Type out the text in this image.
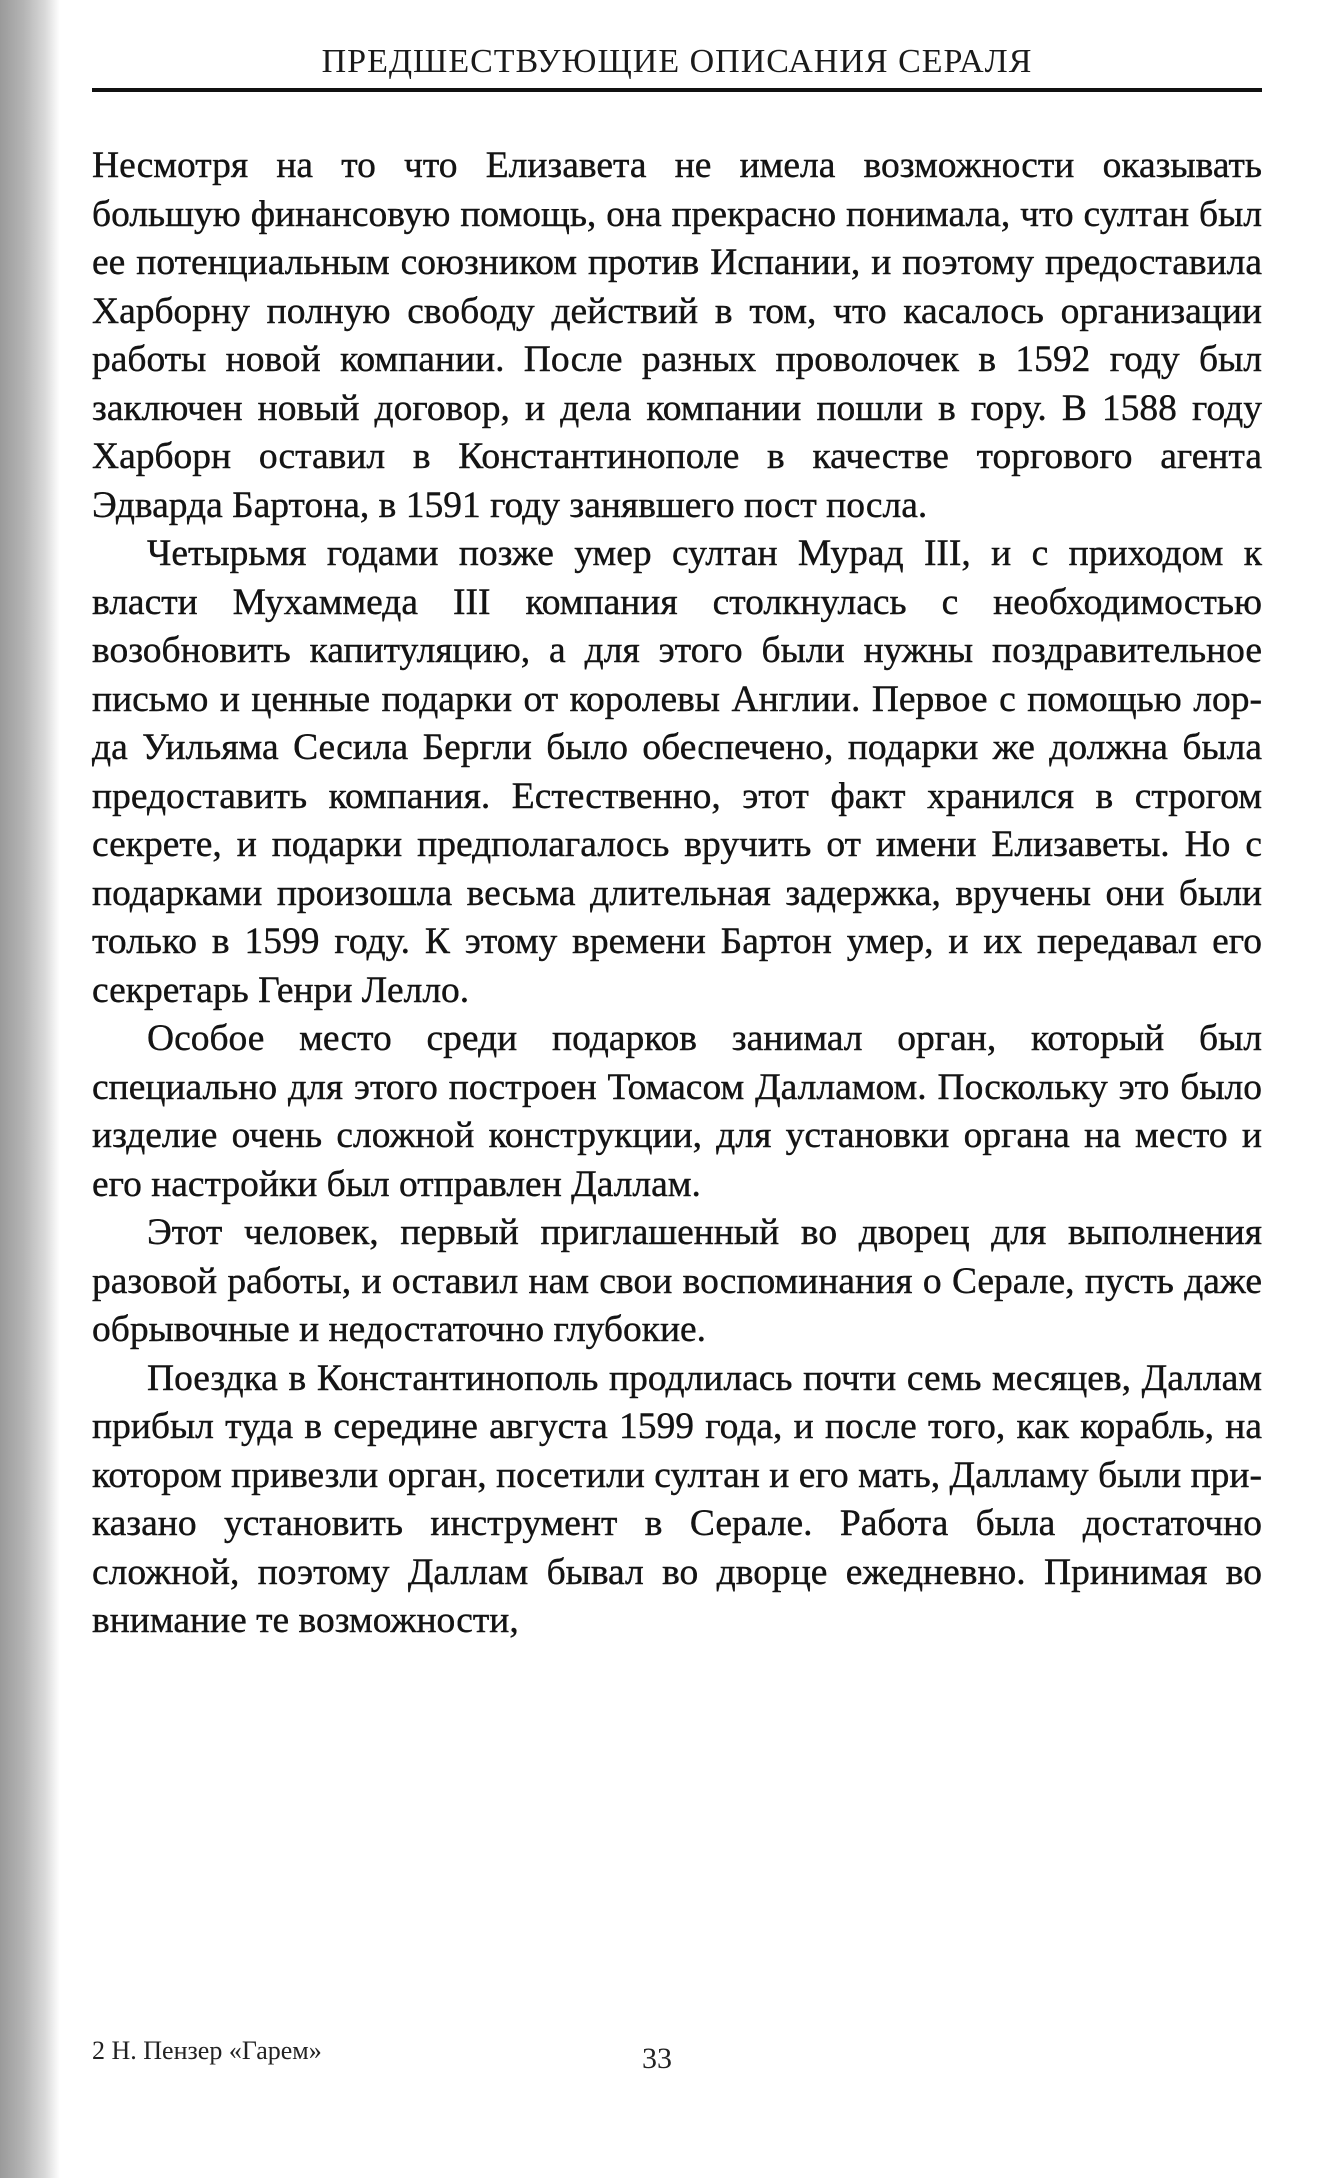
ПРЕДШЕСТВУЮЩИЕ ОПИСАНИЯ СЕРАЛЯ

Несмотря на то что Елизавета не имела возможности оказывать большую финансовую помощь, она прекрасно понимала, что султан был ее потенциальным союзником против Испании, и поэтому предоставила Харборну полную свободу действий в том, что касалось организации работы новой компании. После разных проволочек в 1592 году был заключен новый договор, и дела компании пошли в гору. В 1588 году Харборн оставил в Константинополе в качестве торгового агента Эдварда Бартона, в 1591 году занявшего пост посла.

Четырьмя годами позже умер султан Мурад III, и с приходом к власти Мухаммеда III компания столкнулась с необходимостью возобновить капитуляцию, а для этого были нужны поздравительное письмо и ценные подарки от королевы Англии. Первое с помощью лорда Уильяма Сесила Бергли было обеспечено, подарки же должна была предоставить компания. Естественно, этот факт хранился в строгом секрете, и подарки предполагалось вручить от имени Елизаветы. Но с подарками произошла весьма длительная задержка, вручены они были только в 1599 году. К этому времени Бартон умер, и их передавал его секретарь Генри Лелло.

Особое место среди подарков занимал орган, который был специально для этого построен Томасом Далламом. Поскольку это было изделие очень сложной конструкции, для установки органа на место и его настройки был отправлен Даллам.

Этот человек, первый приглашенный во дворец для выполнения разовой работы, и оставил нам свои воспоминания о Серале, пусть даже обрывочные и недостаточно глубокие.

Поездка в Константинополь продлилась почти семь месяцев, Даллам прибыл туда в середине августа 1599 года, и после того, как корабль, на котором привезли орган, посетили султан и его мать, Далламу были приказано установить инструмент в Серале. Работа была достаточно сложной, поэтому Даллам бывал во дворце ежедневно. Принимая во внимание те возможности,

2 Н. Пензер «Гарем»	33
